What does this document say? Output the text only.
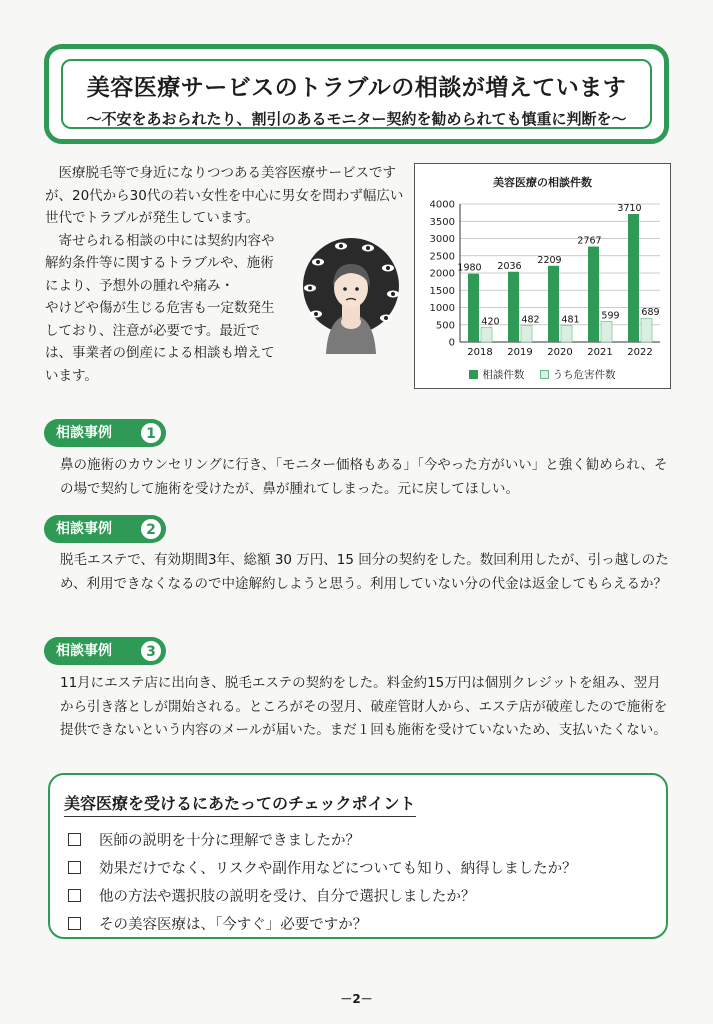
美容医療サービスのトラブルの相談が増えています
～不安をあおられたり、割引のあるモニター契約を勧められても慎重に判断を～

医療脱毛等で身近になりつつある美容医療サービスですが、20代から30代の若い女性を中心に男女を問わず幅広い世代でトラブルが発生しています。

寄せられる相談の中には契約内容や解約条件等に関するトラブルや、施術により、予想外の腫れや痛み・

やけどや傷が生じる危害も一定数発生しており、注意が必要です。最近では、事業者の倒産による相談も増えています。

美容医療の相談件数
0
500
1000
1500
2000
2500
3000
3500
4000
1980
420
2018
2036
482
2019
2209
481
2020
2767
599
2021
3710
689
2022
相談件数	うち危害件数
相談事例	1
鼻の施術のカウンセリングに行き、「モニター価格もある」「今やった方がいい」と強く勧められ、その場で契約して施術を受けたが、鼻が腫れてしまった。元に戻してほしい。
相談事例	2
脱毛エステで、有効期間3年、総額 30 万円、15 回分の契約をした。数回利用したが、引っ越しのため、利用できなくなるので中途解約しようと思う。利用していない分の代金は返金してもらえるか？
相談事例	3
11月にエステ店に出向き、脱毛エステの契約をした。料金約15万円は個別クレジットを組み、翌月から引き落としが開始される。ところがその翌月、破産管財人から、エステ店が破産したので施術を提供できないという内容のメールが届いた。まだ１回も施術を受けていないため、支払いたくない。
美容医療を受けるにあたってのチェックポイント
医師の説明を十分に理解できましたか？
効果だけでなく、リスクや副作用などについても知り、納得しましたか？
他の方法や選択肢の説明を受け、自分で選択しましたか？
その美容医療は、「今すぐ」必要ですか？
－2－
